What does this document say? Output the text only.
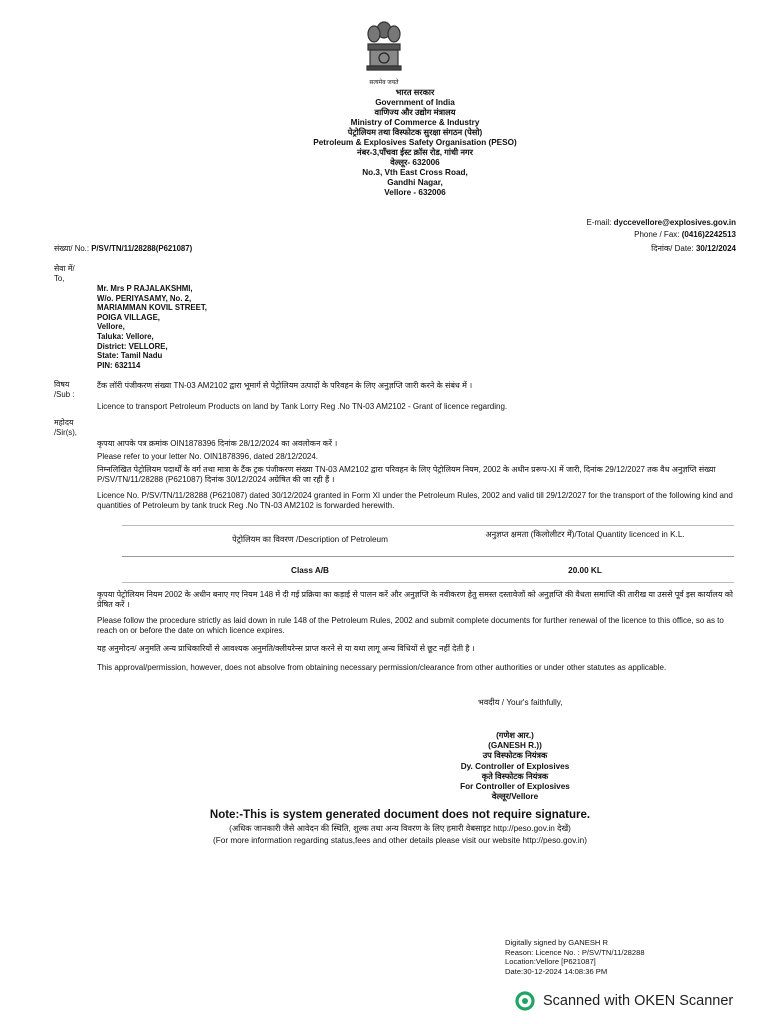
सत्यमेव जयते
भारत सरकार
Government of India
वाणिज्य और उद्योग मंत्रालय
Ministry of Commerce & Industry
पेट्रोलियम तथा विस्फोटक सुरक्षा संगठन (पेसो)
Petroleum & Explosives Safety Organisation (PESO)
नंबर-3,पाँचवा ईस्ट क्रॉस रोड, गांधी नगर
वेल्लूर- 632006
No.3, Vth East Cross Road,
Gandhi Nagar,
Vellore - 632006
E-mail: dyccevellore@explosives.gov.in
Phone / Fax: (0416)2242513
संख्या/ No.: P/SV/TN/11/28288(P621087)	दिनांक/ Date: 30/12/2024
सेवा में/
To,
Mr. Mrs P RAJALAKSHMI,
W/o. PERIYASAMY, No. 2,
MARIAMMAN KOVIL STREET,
POIGA VILLAGE,
Vellore,
Taluka: Vellore,
District: VELLORE,
State: Tamil Nadu
PIN: 632114
विषय
/Sub :
टैंक लॉरी पंजीकरण संख्या TN-03 AM2102 द्वारा भूमार्ग से पेट्रोलियम उत्पादों के परिवहन के लिए अनुज्ञप्ति जारी करने के संबंध में ।
Licence to transport Petroleum Products on land by Tank Lorry Reg .No TN-03 AM2102 - Grant of licence regarding.
महोदय
/Sir(s),
कृपया आपके पत्र क्रमांक OIN1878396 दिनांक 28/12/2024 का अवलोकन करें ।
Please refer to your letter No. OIN1878396, dated 28/12/2024.
निम्नलिखित पेट्रोलियम पदार्थों के वर्ग तथा मात्रा के टैंक ट्रक पंजीकरण संख्या TN-03 AM2102 द्वारा परिवहन के लिए पेट्रोलियम नियम, 2002 के अधीन प्ररूप-XI में जारी, दिनांक 29/12/2027 तक वैध अनुज्ञप्ति संख्या P/SV/TN/11/28288 (P621087) दिनांक 30/12/2024 अग्रेषित की जा रही हैं ।
Licence No. P/SV/TN/11/28288 (P621087) dated 30/12/2024 granted in Form XI under the Petroleum Rules, 2002 and valid till 29/12/2027 for the transport of the following kind and quantities of Petroleum by tank truck Reg .No TN-03 AM2102 is forwarded herewith.
पेट्रोलियम का विवरण /Description of Petroleum
अनुज्ञप्त क्षमता (किलोलीटर में)/Total Quantity licenced in K.L.
Class A/B	20.00 KL
कृपया पेट्रोलियम नियम 2002 के अधीन बनाए गए नियम 148 में दी गई प्रक्रिया का कड़ाई से पालन करें और अनुज्ञप्ति के नवीकरण हेतु समस्त दस्तावेजों को अनुज्ञप्ति की वैधता समाप्ति की तारीख या उससे पूर्व इस कार्यालय को प्रेषित करें ।
Please follow the procedure strictly as laid down in rule 148 of the Petroleum Rules, 2002 and submit complete documents for further renewal of the licence to this office, so as to reach on or before the date on which licence expires.
यह अनुमोदन/ अनुमति अन्य प्राधिकारियों से आवश्यक अनुमति/क्लीयरेन्स प्राप्त करने से या यथा लागू अन्य विधियों से छूट नहीं देती है ।
This approval/permission, however, does not absolve from obtaining necessary permission/clearance from other authorities or under other statutes as applicable.
भवदीय / Your's faithfully,
(गणेश आर.)
(GANESH R.))
उप विस्फोटक नियंत्रक
Dy. Controller of Explosives
कृते विस्फोटक नियंत्रक
For Controller of Explosives
वेल्लूर/Vellore
Note:-This is system generated document does not require signature.
(अधिक जानकारी जैसे आवेदन की स्थिति, शुल्क तथा अन्य विवरण के लिए हमारी वेबसाइट http://peso.gov.in देखें)
(For more information regarding status,fees and other details please visit our website http://peso.gov.in)
Digitally signed by GANESH R
Reason: Licence No. : P/SV/TN/11/28288
Location:Vellore [P621087]
Date:30-12-2024 14:08:36 PM
Scanned with OKEN Scanner
